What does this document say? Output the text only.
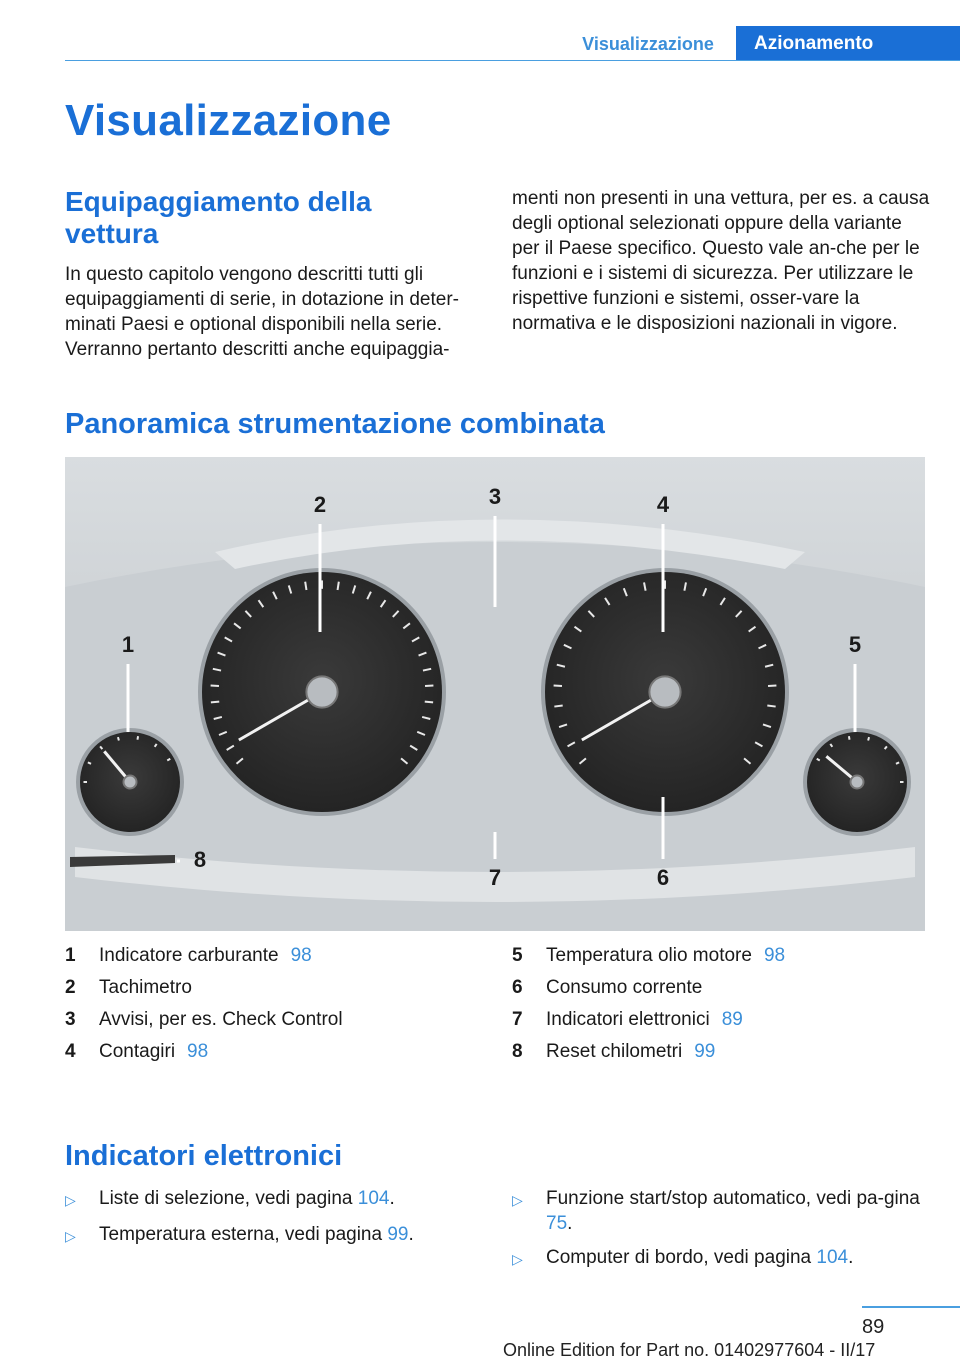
Visualizzazione	Azionamento
Visualizzazione
Equipaggiamento della vettura

In questo capitolo vengono descritti tutti gli equipaggiamenti di serie, in dotazione in deter-minati Paesi e optional disponibili nella serie. Verranno pertanto descritti anche equipaggia-

menti non presenti in una vettura, per es. a causa degli optional selezionati oppure della variante per il Paese specifico. Questo vale an-che per le funzioni e i sistemi di sicurezza. Per utilizzare le rispettive funzioni e sistemi, osser-vare la normativa e le disposizioni nazionali in vigore.

Panoramica strumentazione combinata
1
2	3	4
5
6
7
8
1	Indicatore carburante 98
2	Tachimetro
3	Avvisi, per es. Check Control
4	Contagiri 98
5	Temperatura olio motore 98
6	Consumo corrente
7	Indicatori elettronici 89
8	Reset chilometri 99
Indicatori elettronici
▷	Liste di selezione, vedi pagina 104.
▷	Temperatura esterna, vedi pagina 99.
▷	Funzione start/stop automatico, vedi pa-gina 75.
▷	Computer di bordo, vedi pagina 104.
89
Online Edition for Part no. 01402977604 - II/17
